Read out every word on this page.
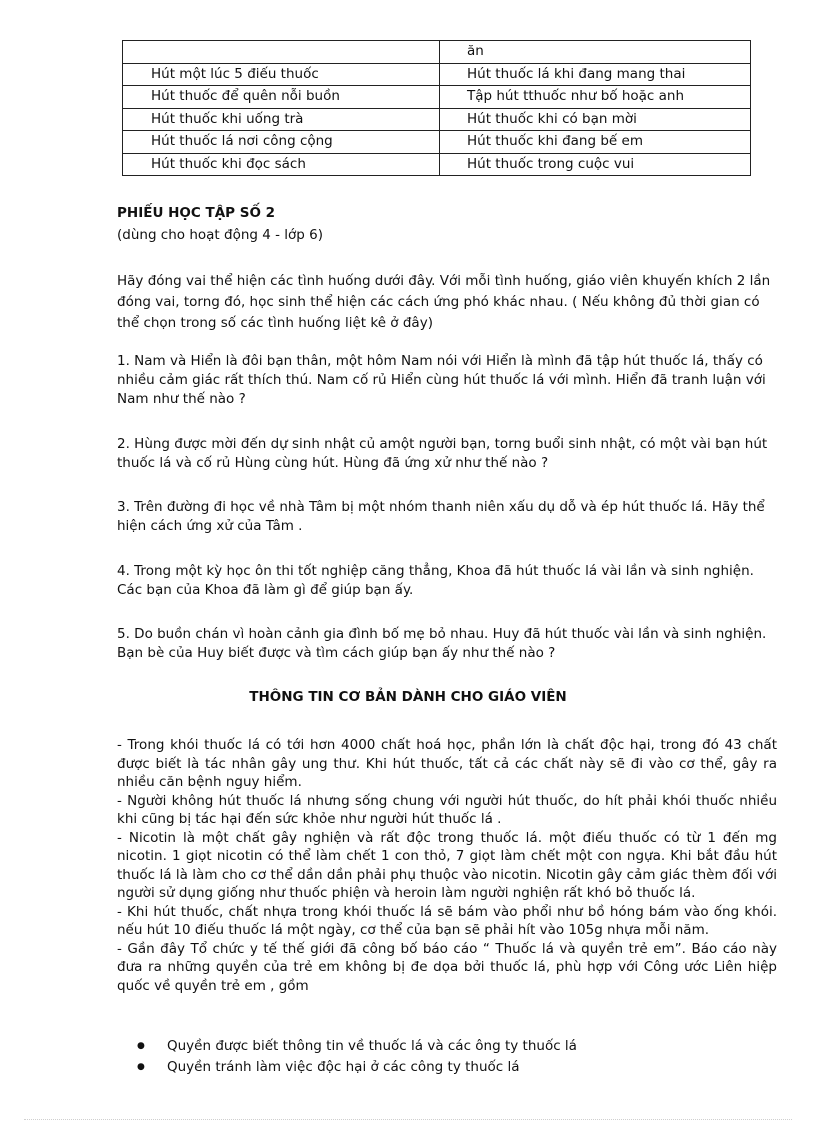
	ăn
Hút một lúc 5 điếu thuốc	Hút thuốc lá khi đang mang thai
Hút thuốc để quên nỗi buồn	Tập hút tthuốc như bố hoặc anh
Hút thuốc khi uống trà	Hút thuốc khi có bạn mời
Hút thuốc lá nơi công cộng	Hút thuốc khi đang bế em
Hút thuốc khi đọc sách	Hút thuốc trong cuộc vui
PHIẾU HỌC TẬP SỐ 2
(dùng cho hoạt động 4 - lớp 6)
Hãy đóng vai thể hiện các tình huống dưới đây. Với mỗi tình huống, giáo viên khuyến khích 2 lần đóng vai, torng đó, học sinh thể hiện các cách ứng phó khác nhau. ( Nếu không đủ thời gian có thể chọn trong số các tình huống liệt kê ở đây)
1. Nam và Hiển là đôi bạn thân, một hôm Nam nói với Hiển là mình đã tập hút thuốc lá, thấy có nhiều cảm giác rất thích thú. Nam cố rủ Hiển cùng hút thuốc lá với mình. Hiển đã tranh luận với Nam như thế nào ?
2. Hùng được mời đến dự sinh nhật củ amột người bạn, torng buổi sinh nhật, có một vài bạn hút thuốc lá và cố rủ Hùng cùng hút. Hùng đã ứng xử như thế nào ?
3. Trên đường đi học về nhà Tâm bị một nhóm thanh niên xấu dụ dỗ và ép hút thuốc lá. Hãy thể hiện cách ứng xử của Tâm .
4. Trong một kỳ học ôn thi tốt nghiệp căng thẳng, Khoa đã hút thuốc lá vài lần và sinh nghiện. Các bạn của Khoa đã làm gì để giúp bạn ấy.
5. Do buồn chán vì hoàn cảnh gia đình bố mẹ bỏ nhau. Huy đã hút thuốc vài lần và sinh nghiện. Bạn bè của Huy biết được và tìm cách giúp bạn ấy như thế nào ?
THÔNG TIN CƠ BẢN DÀNH CHO GIÁO VIÊN

- Trong khói thuốc lá có tới hơn 4000 chất hoá học, phần lớn là chất độc hại, trong đó 43 chất được biết là tác nhân gây ung thư. Khi hút thuốc, tất cả các chất này sẽ đi vào cơ thể, gây ra nhiều căn bệnh nguy hiểm.

- Người không hút thuốc lá nhưng sống chung với người hút thuốc, do hít phải khói thuốc nhiều khi cũng bị tác hại đến sức khỏe như người hút thuốc lá .

- Nicotin là một chất gây nghiện và rất độc trong thuốc lá. một điếu thuốc có từ 1 đến mg nicotin. 1 giọt nicotin có thể làm chết 1 con thỏ, 7 giọt làm chết một con ngựa. Khi bắt đầu hút thuốc lá là làm cho cơ thể dần dần phải phụ thuộc vào nicotin. Nicotin gây cảm giác thèm đối với người sử dụng giống như thuốc phiện và heroin làm người nghiện rất khó bỏ thuốc lá.

- Khi hút thuốc, chất nhựa trong khói thuốc lá sẽ bám vào phổi như bồ hóng bám vào ống khói. nếu hút 10 điếu thuốc lá một ngày, cơ thể của bạn sẽ phải hít vào 105g nhựa mỗi năm.

- Gần đây Tổ chức y tế thế giới đã công bố báo cáo “ Thuốc lá và quyền trẻ em”. Báo cáo này đưa ra những quyền của trẻ em không bị đe dọa bởi thuốc lá, phù hợp với Công ước Liên hiệp quốc về quyền trẻ em , gồm

●	Quyền được biết thông tin về thuốc lá và các ông ty thuốc lá
●	Quyền tránh làm việc độc hại ở các công ty thuốc lá
